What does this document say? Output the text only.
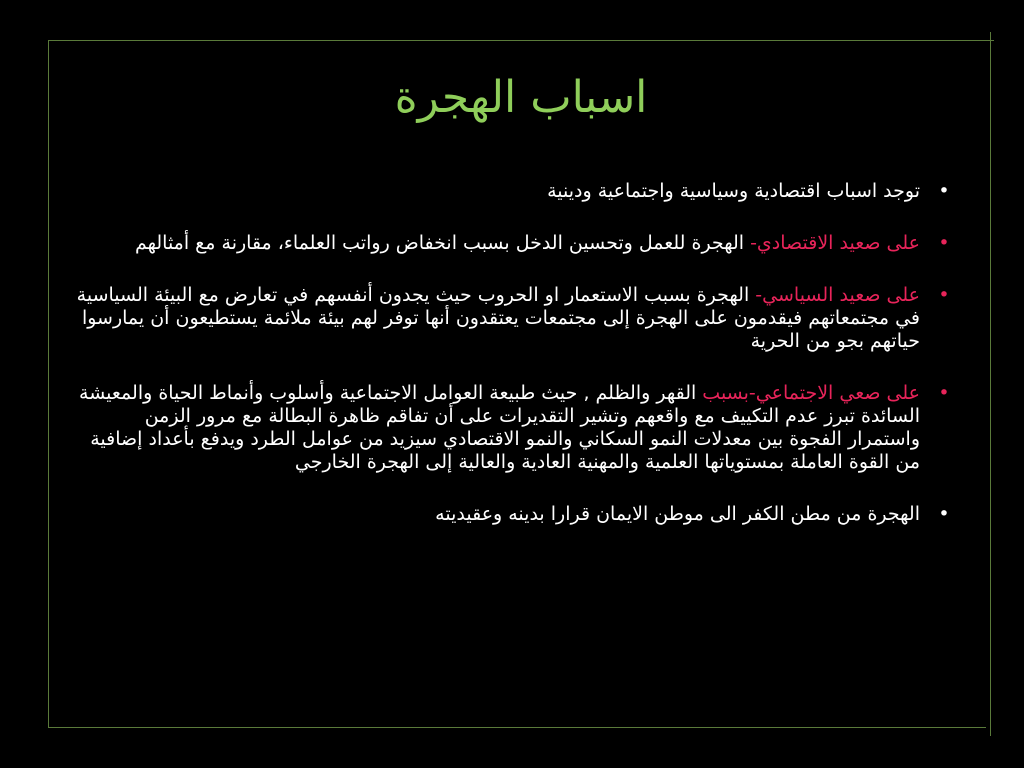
اسباب الهجرة
•
توجد اسباب اقتصادية وسياسية واجتماعية ودينية
•
على صعيد الاقتصادي- الهجرة للعمل وتحسين الدخل بسبب انخفاض رواتب العلماء، مقارنة مع أمثالهم
•
على صعيد السياسي- الهجرة بسبب الاستعمار او الحروب حيث يجدون أنفسهم في تعارض مع البيئة السياسية في مجتمعاتهم فيقدمون على الهجرة إلى مجتمعات يعتقدون أنها توفر لهم بيئة ملائمة يستطيعون أن يمارسوا حياتهم بجو من الحرية
•
على صعي الاجتماعي-بسبب القهر والظلم , حيث طبيعة العوامل الاجتماعية وأسلوب وأنماط الحياة والمعيشة السائدة تبرز عدم التكييف مع واقعهم وتشير التقديرات على أن تفاقم ظاهرة البطالة مع مرور الزمن واستمرار الفجوة بين معدلات النمو السكاني والنمو الاقتصادي سيزيد من عوامل الطرد ويدفع بأعداد إضافية من القوة العاملة بمستوياتها العلمية والمهنية العادية والعالية إلى الهجرة الخارجي
•
الهجرة من مطن الكفر الى موطن الايمان قرارا بدينه وعقيديته
